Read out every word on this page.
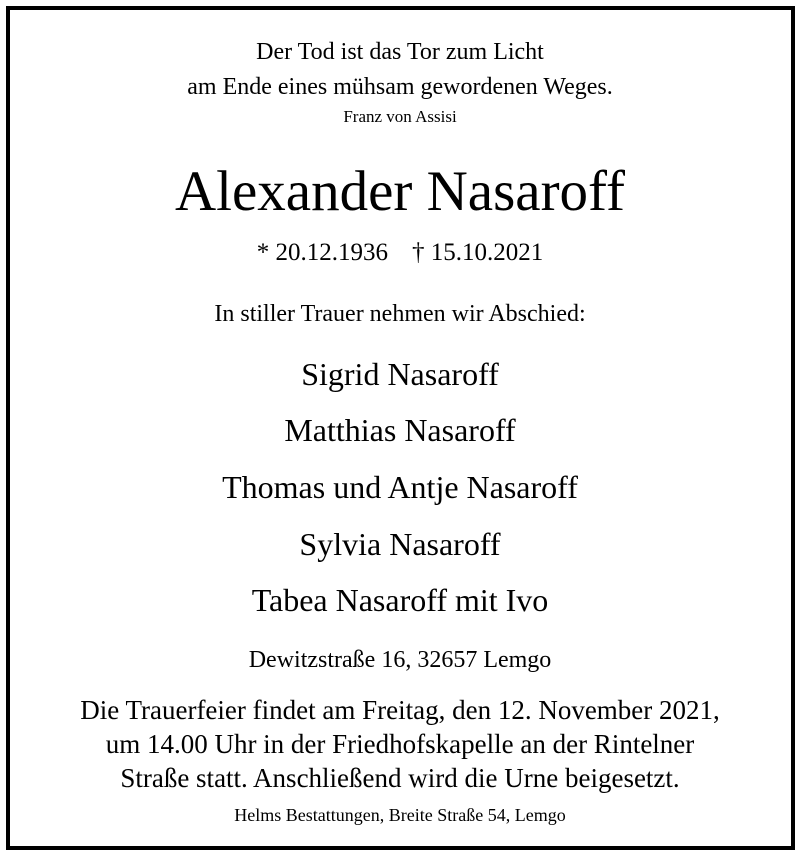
Der Tod ist das Tor zum Licht
am Ende eines mühsam gewordenen Weges.
Franz von Assisi
Alexander Nasaroff
* 20.12.1936 † 15.10.2021
In stiller Trauer nehmen wir Abschied:
Sigrid Nasaroff
Matthias Nasaroff
Thomas und Antje Nasaroff
Sylvia Nasaroff
Tabea Nasaroff mit Ivo
Dewitzstraße 16, 32657 Lemgo
Die Trauerfeier findet am Freitag, den 12. November 2021,
um 14.00 Uhr in der Friedhofskapelle an der Rintelner
Straße statt. Anschließend wird die Urne beigesetzt.
Helms Bestattungen, Breite Straße 54, Lemgo
